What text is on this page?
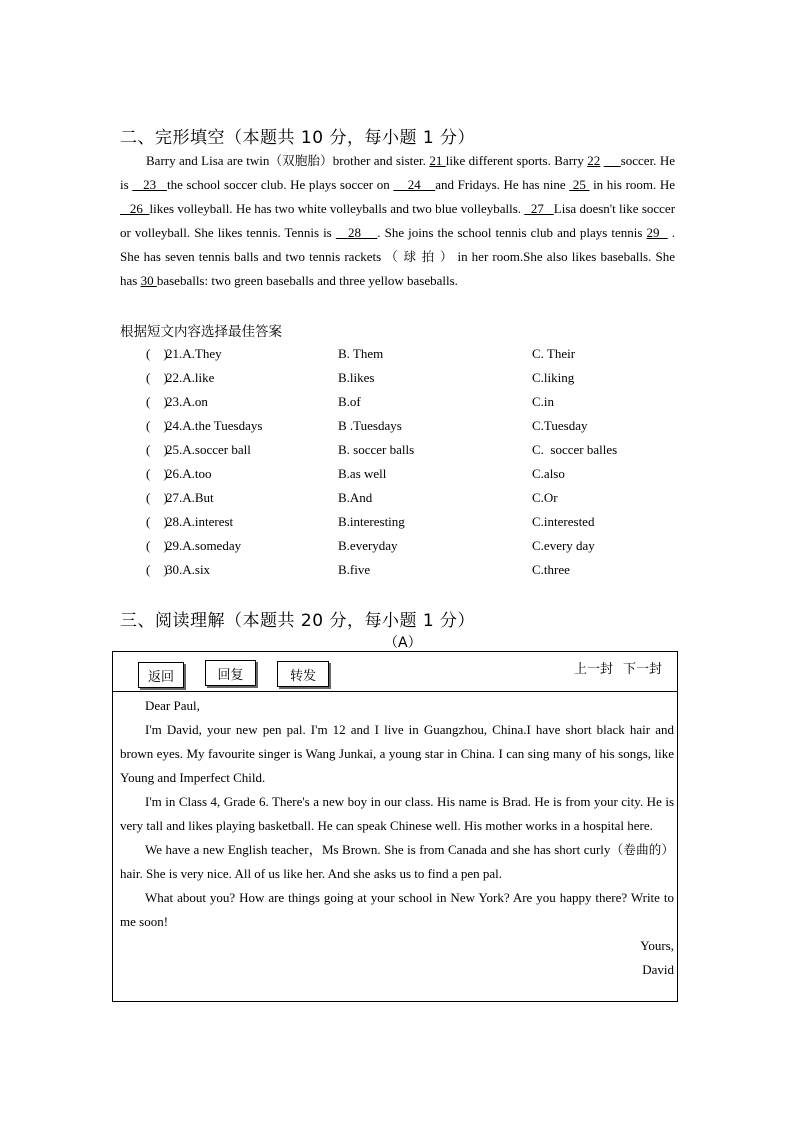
二、完形填空（本题共 10 分，每小题 1 分）

Barry and Lisa are twin（双胞胎）brother and sister. 21 like different sports. Barry 22 soccer. He is    23   the school soccer club. He plays soccer on     24    and Fridays. He has nine  25  in his room. He    26  likes volleyball. He has two white volleyballs and two blue volleyballs.   27   Lisa doesn't like soccer or volleyball. She likes tennis. Tennis is    28    . She joins the school tennis club and plays tennis 29   . She has seven tennis balls and two tennis rackets （ 球 拍 ） in her room.She also likes baseballs. She has 30 baseballs: two green baseballs and three yellow baseballs.

根据短文内容选择最佳答案
(    )
21.A.They	B. Them	C. Their
(    )
22.A.like	B.likes	C.liking
(    )
23.A.on	B.of	C.in
(    )
24.A.the Tuesdays	B .Tuesdays	C.Tuesday
(    )
25.A.soccer ball	B. soccer balls	C.  soccer balles
(    )
26.A.too	B.as well	C.also
(    )
27.A.But	B.And	C.Or
(    )
28.A.interest	B.interesting	C.interested
(    )
29.A.someday	B.everyday	C.every day
(    )
30.A.six	B.five	C.three
三、阅读理解（本题共 20 分，每小题 1 分）
（A）
返回	回复	转发	上一封 下一封

Dear Paul,

I'm David, your new pen pal. I'm 12 and I live in Guangzhou, China.I have short black hair and brown eyes. My favourite singer is Wang Junkai, a young star in China. I can sing many of his songs, like Young and Imperfect Child.

I'm in Class 4, Grade 6. There's a new boy in our class. His name is Brad. He is from your city. He is very tall and likes playing basketball. He can speak Chinese well. His mother works in a hospital here.

We have a new English teacher，Ms Brown. She is from Canada and she has short curly（卷曲的） hair. She is very nice. All of us like her. And she asks us to find a pen pal.

What about you? How are things going at your school in New York? Are you happy there? Write to me soon!

Yours,

David
